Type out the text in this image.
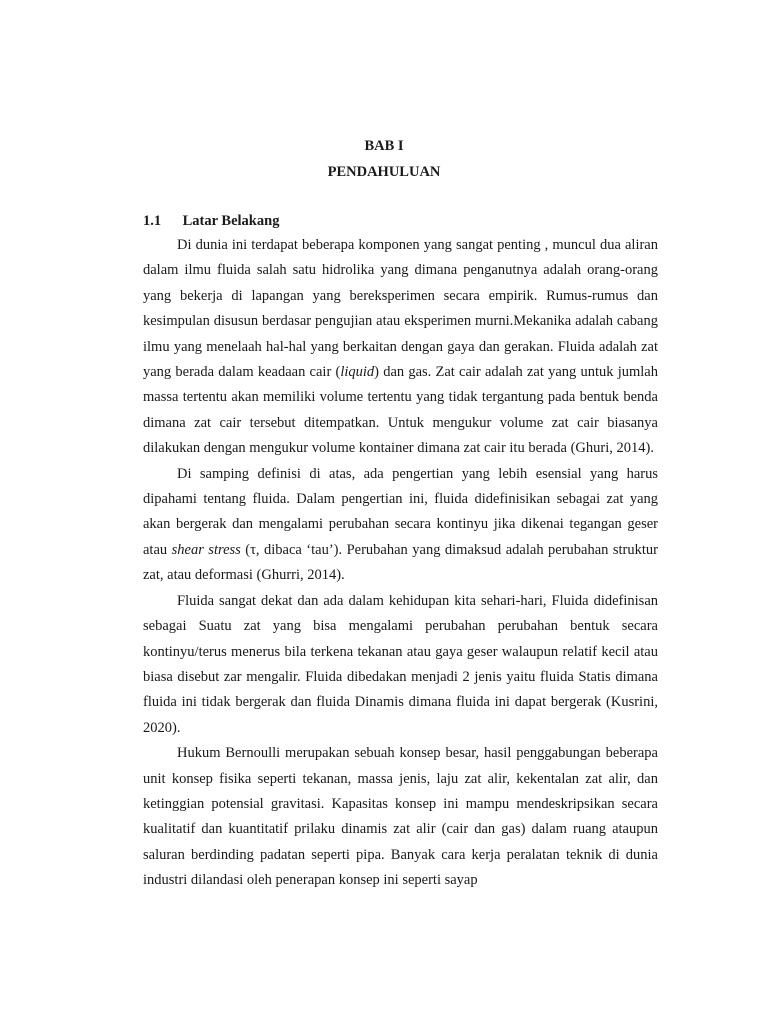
BAB I
PENDAHULUAN
1.1 Latar Belakang

Di dunia ini terdapat beberapa komponen yang sangat penting , muncul dua aliran dalam ilmu fluida salah satu hidrolika yang dimana penganutnya adalah orang-orang yang bekerja di lapangan yang bereksperimen secara empirik. Rumus-rumus dan kesimpulan disusun berdasar pengujian atau eksperimen murni.Mekanika adalah cabang ilmu yang menelaah hal-hal yang berkaitan dengan gaya dan gerakan. Fluida adalah zat yang berada dalam keadaan cair (liquid) dan gas. Zat cair adalah zat yang untuk jumlah massa tertentu akan memiliki volume tertentu yang tidak tergantung pada bentuk benda dimana zat cair tersebut ditempatkan. Untuk mengukur volume zat cair biasanya dilakukan dengan mengukur volume kontainer dimana zat cair itu berada (Ghuri, 2014).

Di samping definisi di atas, ada pengertian yang lebih esensial yang harus dipahami tentang fluida. Dalam pengertian ini, fluida didefinisikan sebagai zat yang akan bergerak dan mengalami perubahan secara kontinyu jika dikenai tegangan geser atau shear stress (τ, dibaca ‘tau’). Perubahan yang dimaksud adalah perubahan struktur zat, atau deformasi (Ghurri, 2014).

Fluida sangat dekat dan ada dalam kehidupan kita sehari-hari, Fluida didefinisan sebagai Suatu zat yang bisa mengalami perubahan perubahan bentuk secara kontinyu/terus menerus bila terkena tekanan atau gaya geser walaupun relatif kecil atau biasa disebut zar mengalir. Fluida dibedakan menjadi 2 jenis yaitu fluida Statis dimana fluida ini tidak bergerak dan fluida Dinamis dimana fluida ini dapat bergerak (Kusrini, 2020).

Hukum Bernoulli merupakan sebuah konsep besar, hasil penggabungan beberapa unit konsep fisika seperti tekanan, massa jenis, laju zat alir, kekentalan zat alir, dan ketinggian potensial gravitasi. Kapasitas konsep ini mampu mendeskripsikan secara kualitatif dan kuantitatif prilaku dinamis zat alir (cair dan gas) dalam ruang ataupun saluran berdinding padatan seperti pipa. Banyak cara kerja peralatan teknik di dunia industri dilandasi oleh penerapan konsep ini seperti sayap
